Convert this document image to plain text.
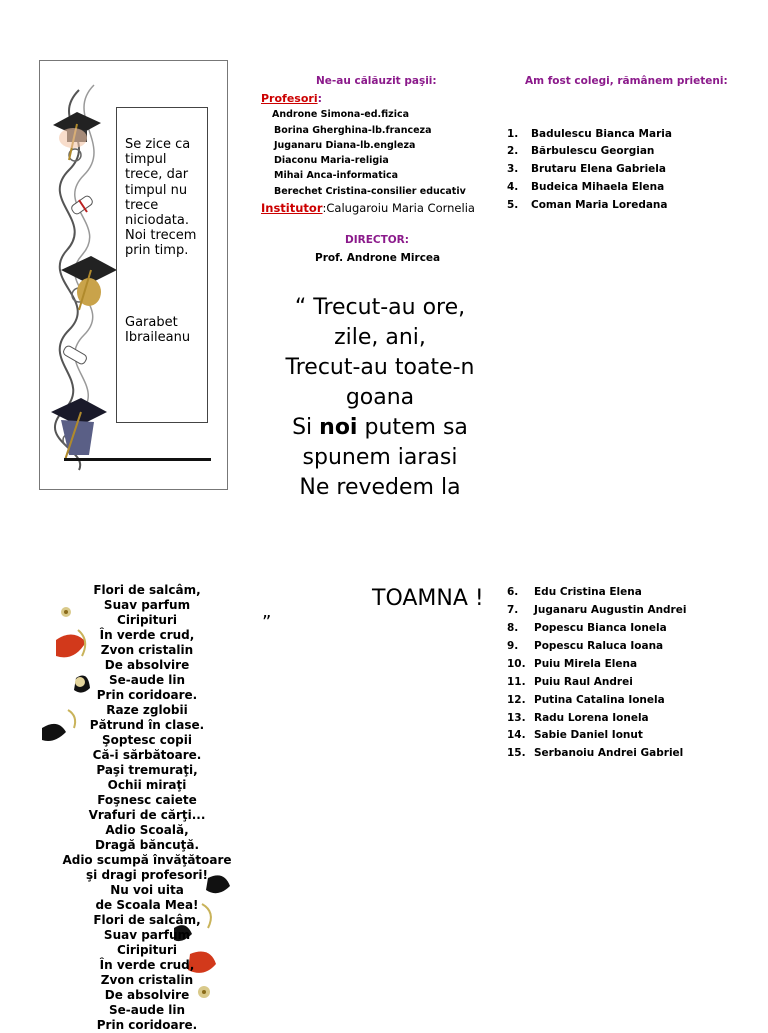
Se zice ca timpul trece, dar timpul nu trece niciodata. Noi trecem prin timp.
Garabet Ibraileanu
Ne-au călăuzit paşii:
Profesori:
Androne Simona-ed.fizica
Borina Gherghina-lb.franceza
Juganaru Diana-lb.engleza
Diaconu Maria-religia
Mihai Anca-informatica
Berechet Cristina-consilier educativ
Institutor:Calugaroiu Maria Cornelia
DIRECTOR:
Prof. Androne Mircea
“ Trecut-au ore,
zile, ani,
Trecut-au toate-n
goana
Si noi putem sa
spunem iarasi
Ne revedem la
TOAMNA !
”
Am fost colegi, rămânem prieteni:
1. Badulescu Bianca Maria
2. Bărbulescu Georgian
3. Brutaru Elena Gabriela
4. Budeica Mihaela Elena
5. Coman Maria Loredana
6. Edu Cristina Elena
7. Juganaru Augustin Andrei
8. Popescu Bianca Ionela
9. Popescu Raluca Ioana
10. Puiu Mirela Elena
11. Puiu Raul Andrei
12. Putina Catalina Ionela
13. Radu Lorena Ionela
14. Sabie Daniel Ionut
15. Serbanoiu Andrei Gabriel
Flori de salcâm,
Suav parfum
Ciripituri
În verde crud,
Zvon cristalin
De absolvire
Se-aude lin
Prin coridoare.
Raze zglobii
Pătrund în clase.
Şoptesc copii
Că-i sărbătoare.
Paşi tremuraţi,
Ochii miraţi
Foşnesc caiete
Vrafuri de cărţi...
Adio Scoală,
Dragă băncuţă.
Adio scumpă învăţătoare
şi dragi profesori!
Nu voi uita
de Scoala Mea!
Flori de salcâm,
Suav parfum
Ciripituri
În verde crud,
Zvon cristalin
De absolvire
Se-aude lin
Prin coridoare.
